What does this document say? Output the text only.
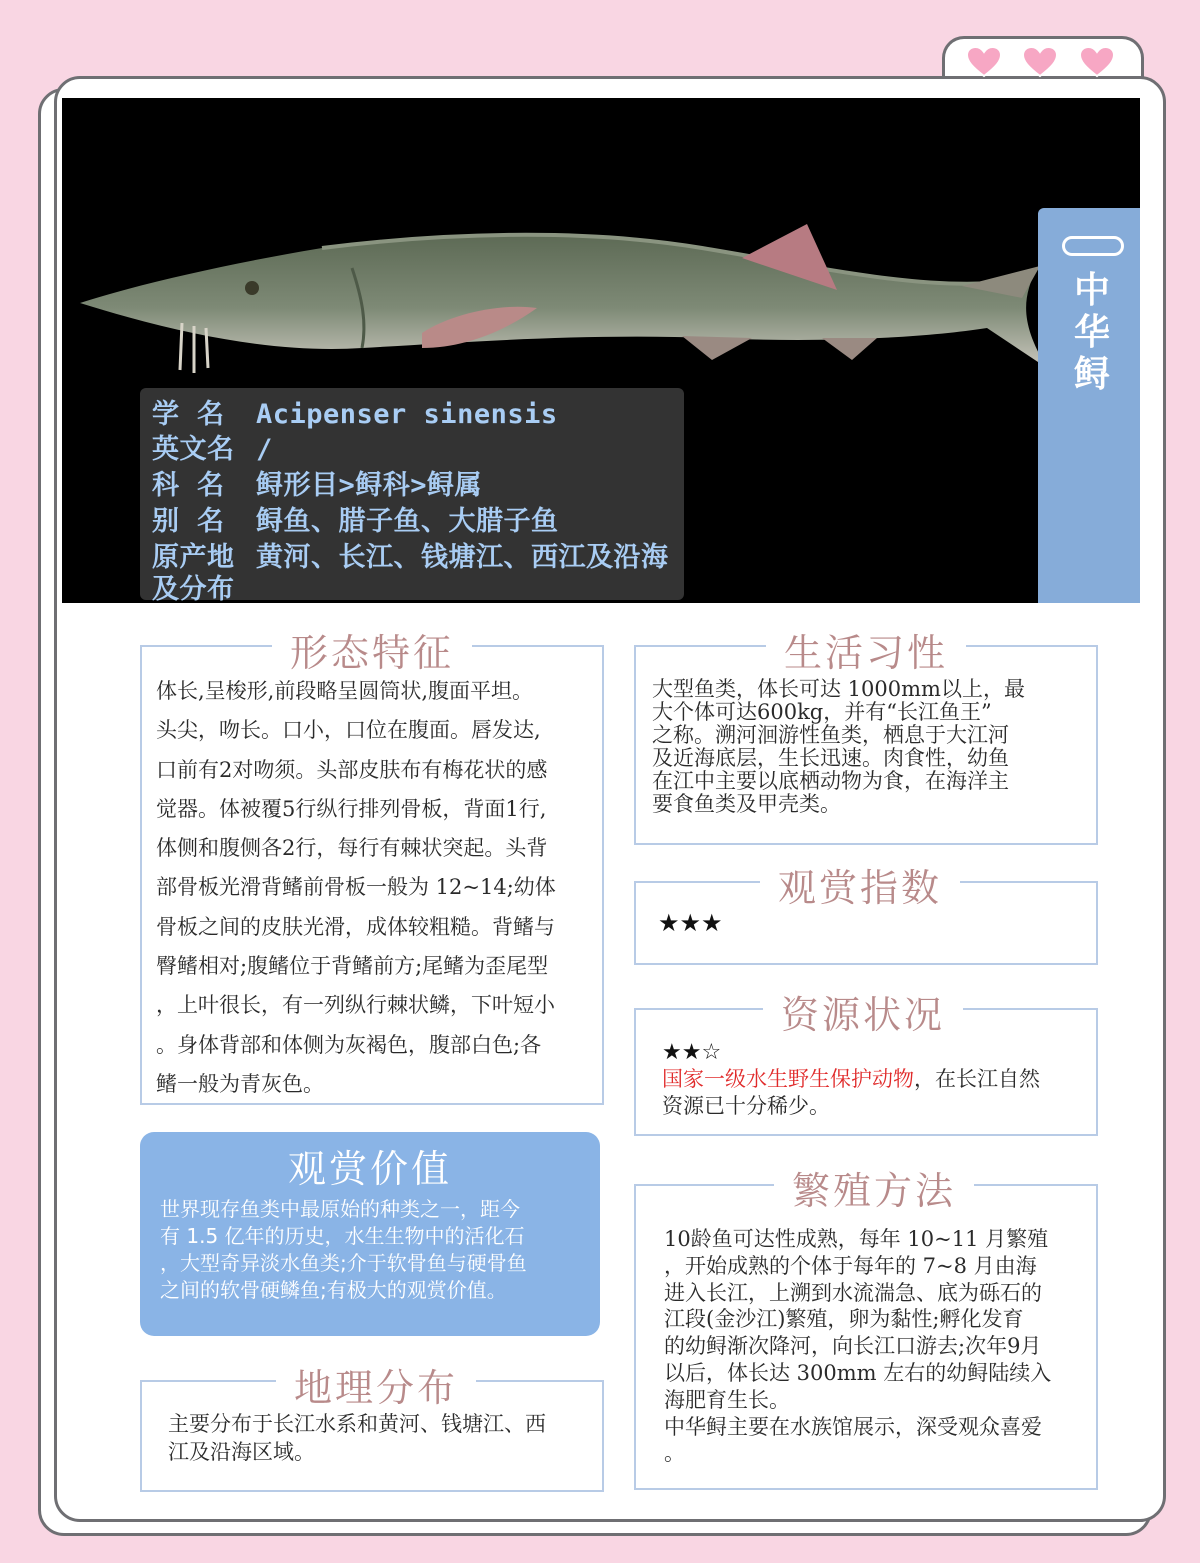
中华鲟
学名 Acipenser sinensis
英文名 /
科名 鲟形目>鲟科>鲟属
别名 鲟鱼、腊子鱼、大腊子鱼
原产地 黄河、长江、钱塘江、西江及沿海
及分布
形态特征
体长,呈梭形,前段略呈圆筒状,腹面平坦。
头尖，吻长。口小，口位在腹面。唇发达,
口前有2对吻须。头部皮肤布有梅花状的感
觉器。体被覆5行纵行排列骨板，背面1行,
体侧和腹侧各2行，每行有棘状突起。头背
部骨板光滑背鳍前骨板一般为 12~14;幼体
骨板之间的皮肤光滑，成体较粗糙。背鳍与
臀鳍相对;腹鳍位于背鳍前方;尾鳍为歪尾型
，上叶很长，有一列纵行棘状鳞，下叶短小
。身体背部和体侧为灰褐色，腹部白色;各
鳍一般为青灰色。
观赏价值
世界现存鱼类中最原始的种类之一，距今
有 1.5 亿年的历史，水生生物中的活化石
，大型奇异淡水鱼类;介于软骨鱼与硬骨鱼
之间的软骨硬鳞鱼;有极大的观赏价值。
地理分布
主要分布于长江水系和黄河、钱塘江、西
江及沿海区域。
生活习性
大型鱼类，体长可达 1000mm以上，最
大个体可达600kg，并有“长江鱼王”
之称。溯河洄游性鱼类，栖息于大江河
及近海底层，生长迅速。肉食性，幼鱼
在江中主要以底栖动物为食，在海洋主
要食鱼类及甲壳类。
观赏指数
★★★
资源状况
★★☆
国家一级水生野生保护动物，在长江自然
资源已十分稀少。
繁殖方法
10龄鱼可达性成熟，每年 10~11 月繁殖
，开始成熟的个体于每年的 7~8 月由海
进入长江，上溯到水流湍急、底为砾石的
江段(金沙江)繁殖，卵为黏性;孵化发育
的幼鲟渐次降河，向长江口游去;次年9月
以后，体长达 300mm 左右的幼鲟陆续入
海肥育生长。
中华鲟主要在水族馆展示，深受观众喜爱
。
